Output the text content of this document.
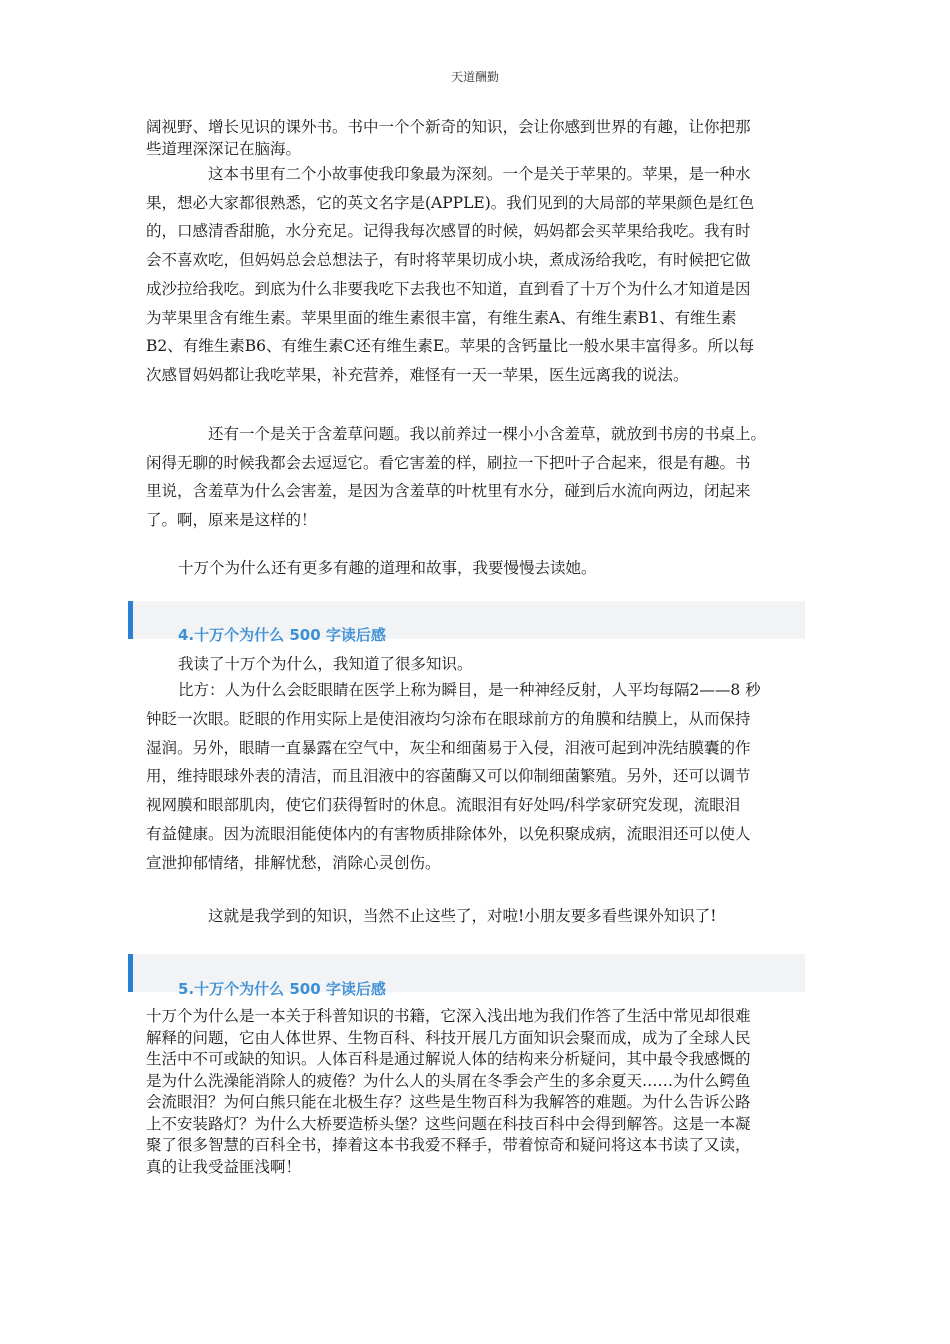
天道酬勤
阔视野、增长见识的课外书。书中一个个新奇的知识，会让你感到世界的有趣，让你把那
些道理深深记在脑海。
这本书里有二个小故事使我印象最为深刻。一个是关于苹果的。苹果，是一种水
果，想必大家都很熟悉，它的英文名字是(APPLE)。我们见到的大局部的苹果颜色是红色
的，口感清香甜脆，水分充足。记得我每次感冒的时候，妈妈都会买苹果给我吃。我有时
会不喜欢吃，但妈妈总会总想法子，有时将苹果切成小块，煮成汤给我吃，有时候把它做
成沙拉给我吃。到底为什么非要我吃下去我也不知道，直到看了十万个为什么才知道是因
为苹果里含有维生素。苹果里面的维生素很丰富，有维生素A、有维生素B1、有维生素
B2、有维生素B6、有维生素C还有维生素E。苹果的含钙量比一般水果丰富得多。所以每
次感冒妈妈都让我吃苹果，补充营养，难怪有一天一苹果，医生远离我的说法。
还有一个是关于含羞草问题。我以前养过一棵小小含羞草，就放到书房的书桌上。
闲得无聊的时候我都会去逗逗它。看它害羞的样，刷拉一下把叶子合起来，很是有趣。书
里说，含羞草为什么会害羞，是因为含羞草的叶枕里有水分，碰到后水流向两边，闭起来
了。啊，原来是这样的！
十万个为什么还有更多有趣的道理和故事，我要慢慢去读她。
4.十万个为什么 500 字读后感
我读了十万个为什么，我知道了很多知识。
比方：人为什么会眨眼睛在医学上称为瞬目，是一种神经反射，人平均每隔2——8 秒
钟眨一次眼。眨眼的作用实际上是使泪液均匀涂布在眼球前方的角膜和结膜上，从而保持
湿润。另外，眼睛一直暴露在空气中，灰尘和细菌易于入侵，泪液可起到冲洗结膜囊的作
用，维持眼球外表的清洁，而且泪液中的容菌酶又可以仰制细菌繁殖。另外，还可以调节
视网膜和眼部肌肉，使它们获得暂时的休息。流眼泪有好处吗/科学家研究发现，流眼泪
有益健康。因为流眼泪能使体内的有害物质排除体外，以免积聚成病，流眼泪还可以使人
宣泄抑郁情绪，排解忧愁，消除心灵创伤。
这就是我学到的知识，当然不止这些了，对啦!小朋友要多看些课外知识了!
5.十万个为什么 500 字读后感
十万个为什么是一本关于科普知识的书籍，它深入浅出地为我们作答了生活中常见却很难
解释的问题，它由人体世界、生物百科、科技开展几方面知识会聚而成，成为了全球人民
生活中不可或缺的知识。人体百科是通过解说人体的结构来分析疑问，其中最令我感慨的
是为什么洗澡能消除人的疲倦？为什么人的头屑在冬季会产生的多余夏天……为什么鳄鱼
会流眼泪？为何白熊只能在北极生存？这些是生物百科为我解答的难题。为什么告诉公路
上不安装路灯？为什么大桥要造桥头堡？这些问题在科技百科中会得到解答。这是一本凝
聚了很多智慧的百科全书，捧着这本书我爱不释手，带着惊奇和疑问将这本书读了又读，
真的让我受益匪浅啊！
